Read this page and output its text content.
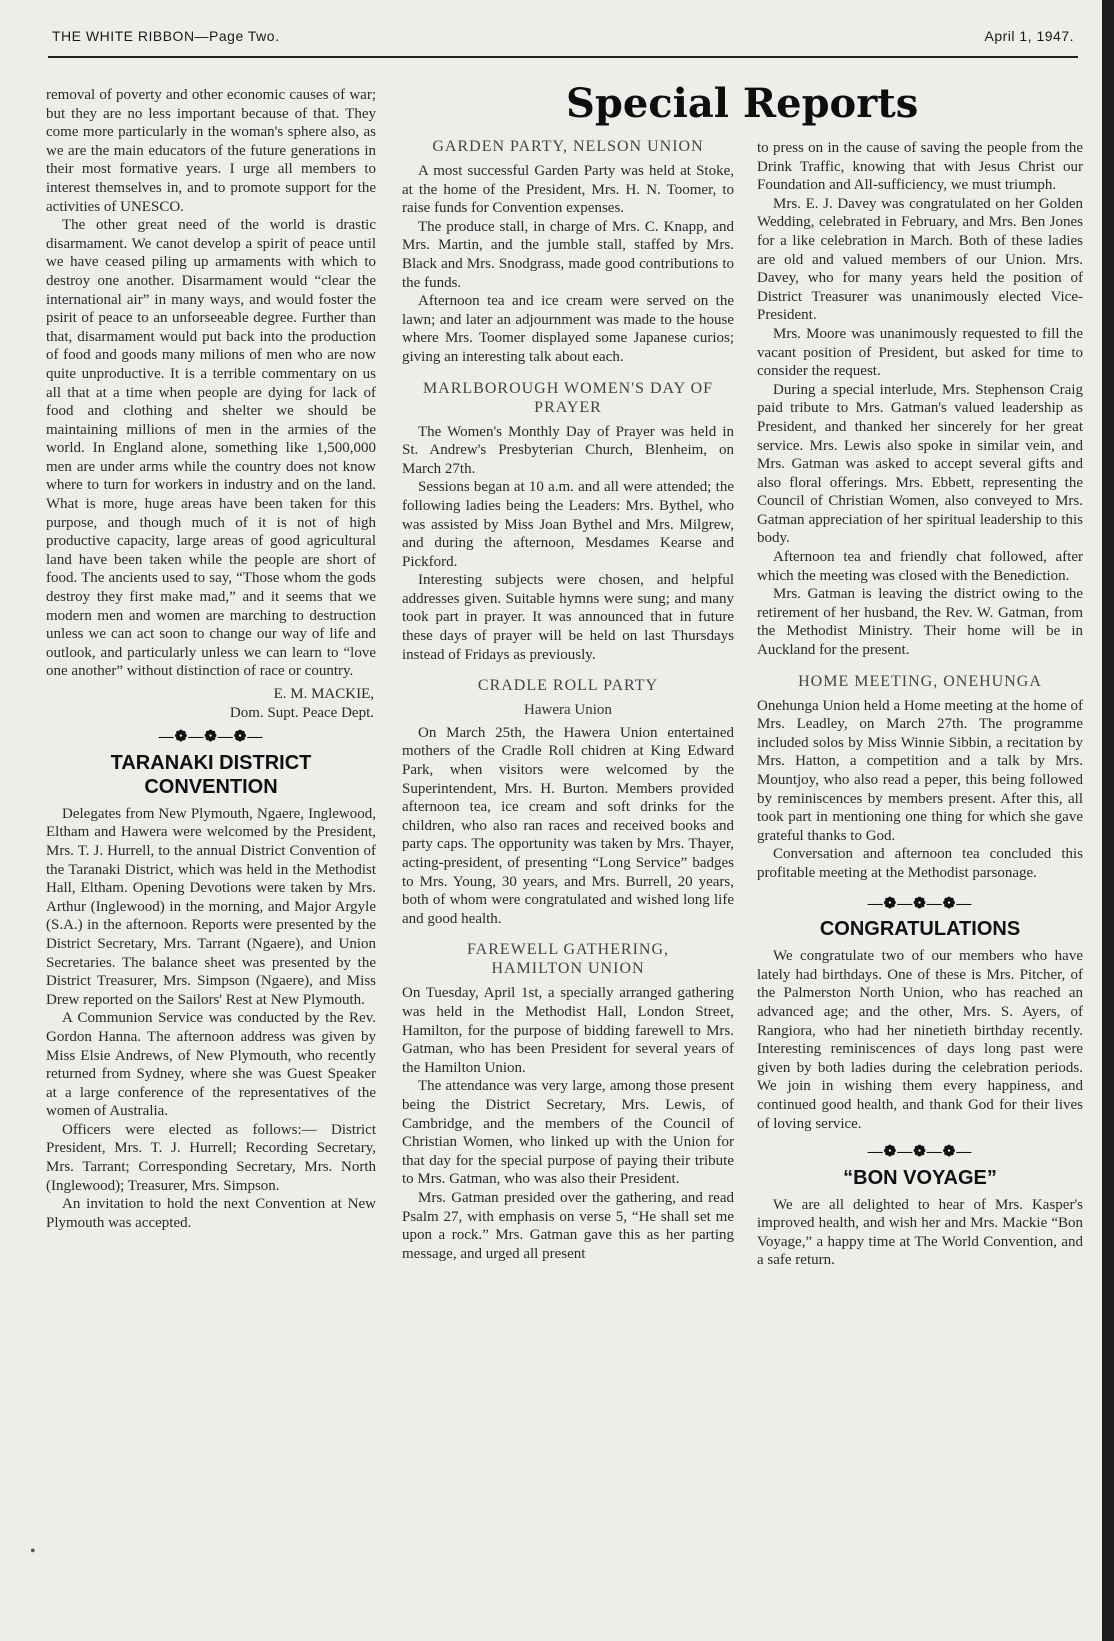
THE WHITE RIBBON—Page Two.	April 1, 1947.
Special Reports

removal of poverty and other economic causes of war; but they are no less important because of that. They come more particularly in the woman's sphere also, as we are the main educators of the future generations in their most formative years. I urge all members to interest themselves in, and to promote support for the activities of UNESCO.

The other great need of the world is drastic disarmament. We canot develop a spirit of peace until we have ceased piling up armaments with which to destroy one another. Disarmament would “clear the international air” in many ways, and would foster the psirit of peace to an unforseeable degree. Further than that, disarmament would put back into the production of food and goods many milions of men who are now quite unproductive. It is a terrible commentary on us all that at a time when people are dying for lack of food and clothing and shelter we should be maintaining millions of men in the armies of the world. In England alone, something like 1,500,000 men are under arms while the country does not know where to turn for workers in industry and on the land. What is more, huge areas have been taken for this purpose, and though much of it is not of high productive capacity, large areas of good agricultural land have been taken while the people are short of food. The ancients used to say, “Those whom the gods destroy they first make mad,” and it seems that we modern men and women are marching to destruction unless we can act soon to change our way of life and outlook, and particularly unless we can learn to “love one another” without distinction of race or country.

E. M. MACKIE,

Dom. Supt. Peace Dept.

—❁—❁—❁—
TARANAKI DISTRICT CONVENTION

Delegates from New Plymouth, Ngaere, Inglewood, Eltham and Hawera were welcomed by the President, Mrs. T. J. Hurrell, to the annual District Convention of the Taranaki District, which was held in the Methodist Hall, Eltham. Opening Devotions were taken by Mrs. Arthur (Inglewood) in the morning, and Major Argyle (S.A.) in the afternoon. Reports were presented by the District Secretary, Mrs. Tarrant (Ngaere), and Union Secretaries. The balance sheet was presented by the District Treasurer, Mrs. Simpson (Ngaere), and Miss Drew reported on the Sailors' Rest at New Plymouth.

A Communion Service was conducted by the Rev. Gordon Hanna. The afternoon address was given by Miss Elsie Andrews, of New Plymouth, who recently returned from Sydney, where she was Guest Speaker at a large conference of the representatives of the women of Australia.

Officers were elected as follows:— District President, Mrs. T. J. Hurrell; Recording Secretary, Mrs. Tarrant; Corresponding Secretary, Mrs. North (Inglewood); Treasurer, Mrs. Simpson.

An invitation to hold the next Convention at New Plymouth was accepted.

GARDEN PARTY, NELSON UNION

A most successful Garden Party was held at Stoke, at the home of the President, Mrs. H. N. Toomer, to raise funds for Convention expenses.

The produce stall, in charge of Mrs. C. Knapp, and Mrs. Martin, and the jumble stall, staffed by Mrs. Black and Mrs. Snodgrass, made good contributions to the funds.

Afternoon tea and ice cream were served on the lawn; and later an adjournment was made to the house where Mrs. Toomer displayed some Japanese curios; giving an interesting talk about each.

MARLBOROUGH WOMEN'S DAY OF PRAYER

The Women's Monthly Day of Prayer was held in St. Andrew's Presbyterian Church, Blenheim, on March 27th.

Sessions began at 10 a.m. and all were attended; the following ladies being the Leaders: Mrs. Bythel, who was assisted by Miss Joan Bythel and Mrs. Milgrew, and during the afternoon, Mesdames Kearse and Pickford.

Interesting subjects were chosen, and helpful addresses given. Suitable hymns were sung; and many took part in prayer. It was announced that in future these days of prayer will be held on last Thursdays instead of Fridays as previously.

CRADLE ROLL PARTY
Hawera Union

On March 25th, the Hawera Union entertained mothers of the Cradle Roll chidren at King Edward Park, when visitors were welcomed by the Superintendent, Mrs. H. Burton. Members provided afternoon tea, ice cream and soft drinks for the children, who also ran races and received books and party caps. The opportunity was taken by Mrs. Thayer, acting-president, of presenting “Long Service” badges to Mrs. Young, 30 years, and Mrs. Burrell, 20 years, both of whom were congratulated and wished long life and good health.

FAREWELL GATHERING, HAMILTON UNION

On Tuesday, April 1st, a specially arranged gathering was held in the Methodist Hall, London Street, Hamilton, for the purpose of bidding farewell to Mrs. Gatman, who has been President for several years of the Hamilton Union.

The attendance was very large, among those present being the District Secretary, Mrs. Lewis, of Cambridge, and the members of the Council of Christian Women, who linked up with the Union for that day for the special purpose of paying their tribute to Mrs. Gatman, who was also their President.

Mrs. Gatman presided over the gathering, and read Psalm 27, with emphasis on verse 5, “He shall set me upon a rock.” Mrs. Gatman gave this as her parting message, and urged all present

to press on in the cause of saving the people from the Drink Traffic, knowing that with Jesus Christ our Foundation and All-sufficiency, we must triumph.

Mrs. E. J. Davey was congratulated on her Golden Wedding, celebrated in February, and Mrs. Ben Jones for a like celebration in March. Both of these ladies are old and valued members of our Union. Mrs. Davey, who for many years held the position of District Treasurer was unanimously elected Vice-President.

Mrs. Moore was unanimously requested to fill the vacant position of President, but asked for time to consider the request.

During a special interlude, Mrs. Stephenson Craig paid tribute to Mrs. Gatman's valued leadership as President, and thanked her sincerely for her great service. Mrs. Lewis also spoke in similar vein, and Mrs. Gatman was asked to accept several gifts and also floral offerings. Mrs. Ebbett, representing the Council of Christian Women, also conveyed to Mrs. Gatman appreciation of her spiritual leadership to this body.

Afternoon tea and friendly chat followed, after which the meeting was closed with the Benediction.

Mrs. Gatman is leaving the district owing to the retirement of her husband, the Rev. W. Gatman, from the Methodist Ministry. Their home will be in Auckland for the present.

HOME MEETING, ONEHUNGA

Onehunga Union held a Home meeting at the home of Mrs. Leadley, on March 27th. The programme included solos by Miss Winnie Sibbin, a recitation by Mrs. Hatton, a competition and a talk by Mrs. Mountjoy, who also read a peper, this being followed by reminiscences by members present. After this, all took part in mentioning one thing for which she gave grateful thanks to God.

Conversation and afternoon tea concluded this profitable meeting at the Methodist parsonage.

—❁—❁—❁—
CONGRATULATIONS

We congratulate two of our members who have lately had birthdays. One of these is Mrs. Pitcher, of the Palmerston North Union, who has reached an advanced age; and the other, Mrs. S. Ayers, of Rangiora, who had her ninetieth birthday recently. Interesting reminiscences of days long past were given by both ladies during the celebration periods. We join in wishing them every happiness, and continued good health, and thank God for their lives of loving service.

—❁—❁—❁—
“BON VOYAGE”

We are all delighted to hear of Mrs. Kasper's improved health, and wish her and Mrs. Mackie “Bon Voyage,” a happy time at The World Convention, and a safe return.

•
